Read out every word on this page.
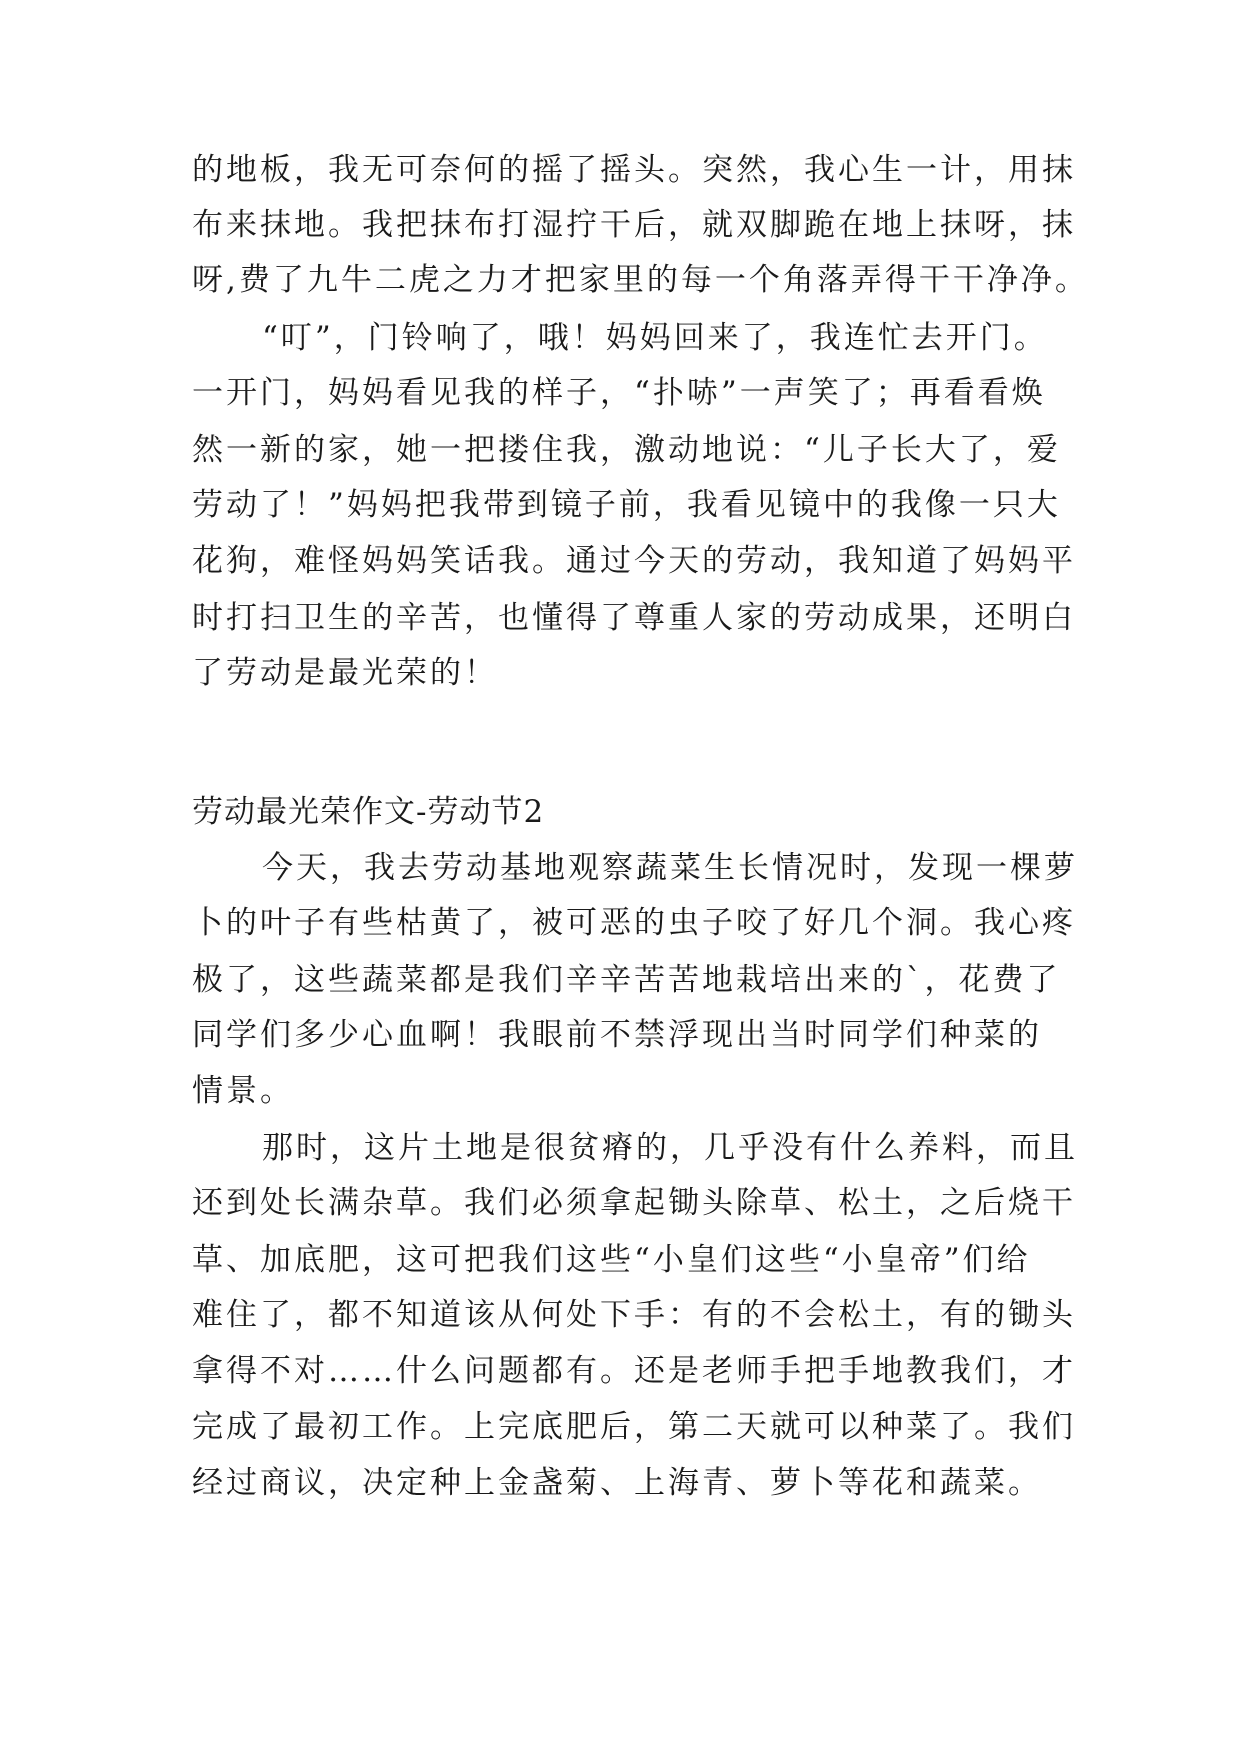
的地板，我无可奈何的摇了摇头。突然，我心生一计，用抹
布来抹地。我把抹布打湿拧干后，就双脚跪在地上抹呀，抹
呀,费了九牛二虎之力才把家里的每一个角落弄得干干净净。
“叮”，门铃响了，哦！妈妈回来了，我连忙去开门。
一开门，妈妈看见我的样子，“扑哧”一声笑了；再看看焕
然一新的家，她一把搂住我，激动地说：“儿子长大了，爱
劳动了！”妈妈把我带到镜子前，我看见镜中的我像一只大
花狗，难怪妈妈笑话我。通过今天的劳动，我知道了妈妈平
时打扫卫生的辛苦，也懂得了尊重人家的劳动成果，还明白
了劳动是最光荣的！
劳动最光荣作文-劳动节2
今天，我去劳动基地观察蔬菜生长情况时，发现一棵萝
卜的叶子有些枯黄了，被可恶的虫子咬了好几个洞。我心疼
极了，这些蔬菜都是我们辛辛苦苦地栽培出来的`，花费了
同学们多少心血啊！我眼前不禁浮现出当时同学们种菜的
情景。
那时，这片土地是很贫瘠的，几乎没有什么养料，而且
还到处长满杂草。我们必须拿起锄头除草、松土，之后烧干
草、加底肥，这可把我们这些“小皇们这些“小皇帝”们给
难住了，都不知道该从何处下手：有的不会松土，有的锄头
拿得不对……什么问题都有。还是老师手把手地教我们，才
完成了最初工作。上完底肥后，第二天就可以种菜了。我们
经过商议，决定种上金盏菊、上海青、萝卜等花和蔬菜。
